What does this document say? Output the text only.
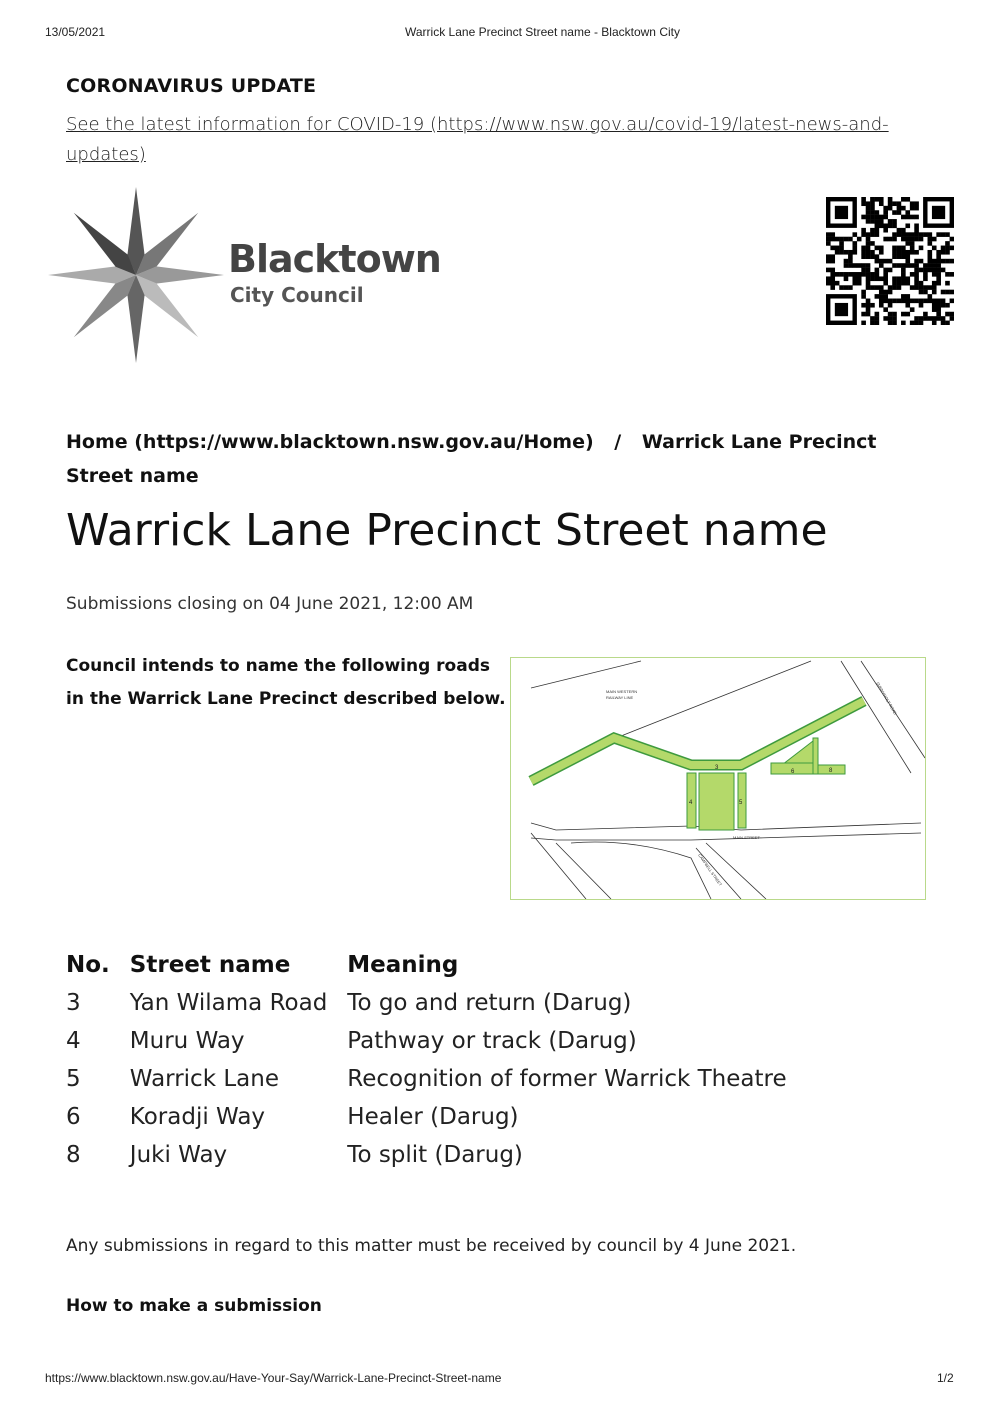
13/05/2021	Warrick Lane Precinct Street name - Blacktown City
CORONAVIRUS UPDATE
See the latest information for COVID-19 (https://www.nsw.gov.au/covid-19/latest-news-and-updates)
Blacktown
City Council
Home (https://www.blacktown.nsw.gov.au/Home) / Warrick Lane Precinct Street name
Warrick Lane Precinct Street name
Submissions closing on 04 June 2021, 12:00 AM
Council intends to name the following roads in the Warrick Lane Precinct described below.
3
4	5
6	8
MAIN WESTERN
RAILWAY LINE
MAIN STREET
CAMPBELL STREET
SUNNYHOLT ROAD
No.	Street name	Meaning
3	Yan Wilama Road	To go and return (Darug)
4	Muru Way	Pathway or track (Darug)
5	Warrick Lane	Recognition of former Warrick Theatre
6	Koradji Way	Healer (Darug)
8	Juki Way	To split (Darug)
Any submissions in regard to this matter must be received by council by 4 June 2021.
How to make a submission
https://www.blacktown.nsw.gov.au/Have-Your-Say/Warrick-Lane-Precinct-Street-name	1/2
